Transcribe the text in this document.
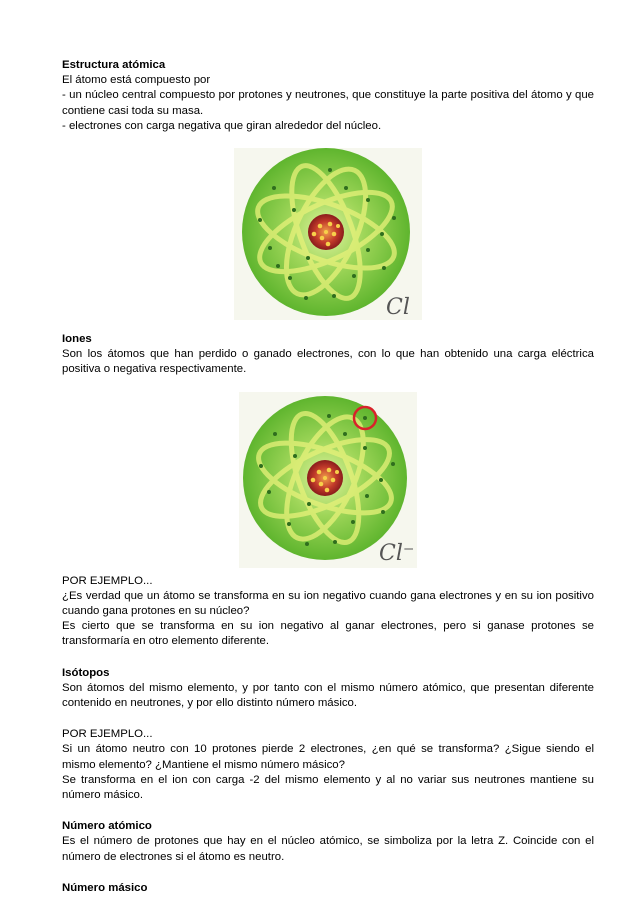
Estructura atómica
El átomo está compuesto por
- un núcleo central compuesto por protones y neutrones, que constituye la parte positiva del átomo y que contiene casi toda su masa.
- electrones con carga negativa que giran alrededor del núcleo.
Cl
Iones
Son los átomos que han perdido o ganado electrones, con lo que han obtenido una carga eléctrica positiva o negativa respectivamente.
Cl⁻
POR EJEMPLO...
¿Es verdad que un átomo se transforma en su ion negativo cuando gana electrones y en su ion positivo cuando gana protones en su núcleo?
Es cierto que se transforma en su ion negativo al ganar electrones, pero si ganase protones se transformaría en otro elemento diferente.
Isótopos
Son átomos del mismo elemento, y por tanto con el mismo número atómico, que presentan diferente contenido en neutrones, y por ello distinto número másico.
POR EJEMPLO...
Si un átomo neutro con 10 protones pierde 2 electrones, ¿en qué se transforma? ¿Sigue siendo el mismo elemento? ¿Mantiene el mismo número másico?
Se transforma en el ion con carga -2 del mismo elemento y al no variar sus neutrones mantiene su número másico.
Número atómico
Es el número de protones que hay en el núcleo atómico, se simboliza por la letra Z. Coincide con el número de electrones si el átomo es neutro.
Número másico
